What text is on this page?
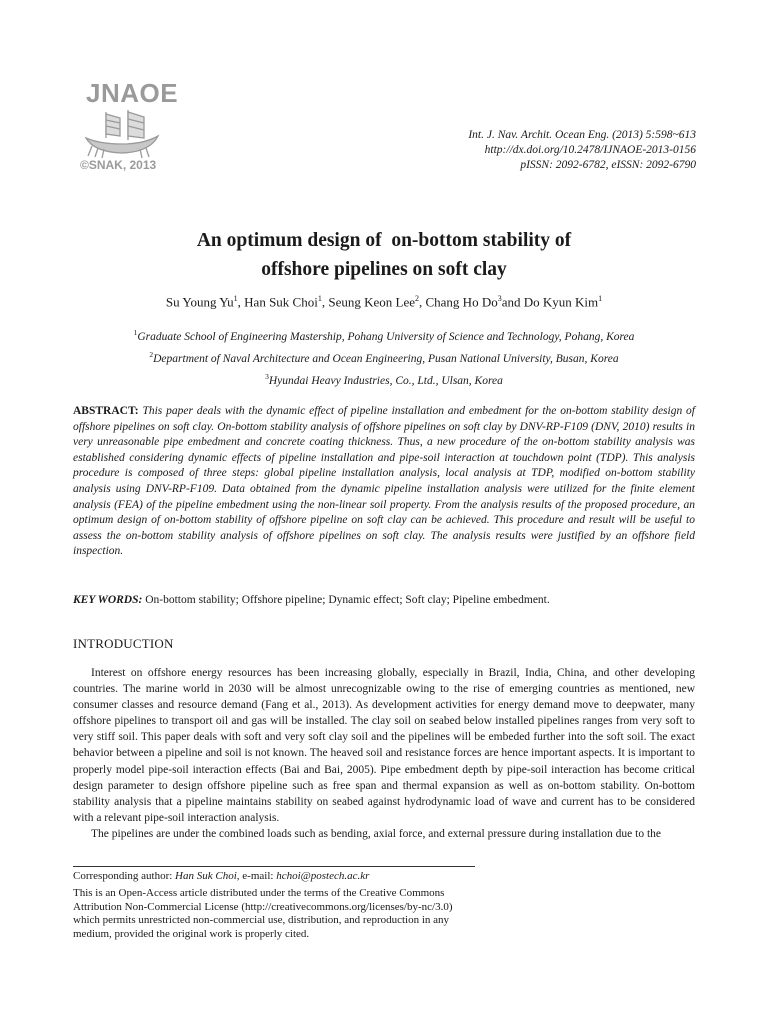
JNAOE
©SNAK, 2013
Int. J. Nav. Archit. Ocean Eng. (2013) 5:598~613
http://dx.doi.org/10.2478/IJNAOE-2013-0156
pISSN: 2092-6782, eISSN: 2092-6790
An optimum design of  on-bottom stability of
offshore pipelines on soft clay
Su Young Yu$^1$, Han Suk Choi$^1$, Seung Keon Lee$^2$, Chang Ho Do$^3$and Do Kyun Kim$^1$
$^1$Graduate School of Engineering Mastership, Pohang University of Science and Technology, Pohang, Korea
$^2$Department of Naval Architecture and Ocean Engineering, Pusan National University, Busan, Korea
$^3$Hyundai Heavy Industries, Co., Ltd., Ulsan, Korea
ABSTRACT: This paper deals with the dynamic effect of pipeline installation and embedment for the on-bottom stability design of offshore pipelines on soft clay. On-bottom stability analysis of offshore pipelines on soft clay by DNV-RP-F109 (DNV, 2010) results in very unreasonable pipe embedment and concrete coating thickness. Thus, a new procedure of the on-bottom stability analysis was established considering dynamic effects of pipeline installation and pipe-soil interaction at touchdown point (TDP). This analysis procedure is composed of three steps: global pipeline installation analysis, local analysis at TDP, modified on-bottom stability analysis using DNV-RP-F109. Data obtained from the dynamic pipeline installation analysis were utilized for the finite element analysis (FEA) of the pipeline embedment using the non-linear soil property. From the analysis results of the proposed procedure, an optimum design of on-bottom stability of offshore pipeline on soft clay can be achieved. This procedure and result will be useful to assess the on-bottom stability analysis of offshore pipelines on soft clay. The analysis results were justified by an offshore field inspection.
KEY WORDS: On-bottom stability; Offshore pipeline; Dynamic effect; Soft clay; Pipeline embedment.
INTRODUCTION

Interest on offshore energy resources has been increasing globally, especially in Brazil, India, China, and other developing countries. The marine world in 2030 will be almost unrecognizable owing to the rise of emerging countries as mentioned, new consumer classes and resource demand (Fang et al., 2013). As development activities for energy demand move to deepwater, many offshore pipelines to transport oil and gas will be installed. The clay soil on seabed below installed pipelines ranges from very soft to very stiff soil. This paper deals with soft and very soft clay soil and the pipelines will be embeded further into the soft soil. The exact behavior between a pipeline and soil is not known. The heaved soil and resistance forces are hence important aspects. It is important to properly model pipe-soil interaction effects (Bai and Bai, 2005). Pipe embedment depth by pipe-soil interaction has become critical design parameter to design offshore pipeline such as free span and thermal expansion as well as on-bottom stability. On-bottom stability analysis that a pipeline maintains stability on seabed against hydrodynamic load of wave and current has to be considered with a relevant pipe-soil interaction analysis.

The pipelines are under the combined loads such as bending, axial force, and external pressure during installation due to the

Corresponding author: Han Suk Choi, e-mail: hchoi@postech.ac.kr
This is an Open-Access article distributed under the terms of the Creative Commons Attribution Non-Commercial License (http://creativecommons.org/licenses/by-nc/3.0) which permits unrestricted non-commercial use, distribution, and reproduction in any medium, provided the original work is properly cited.
